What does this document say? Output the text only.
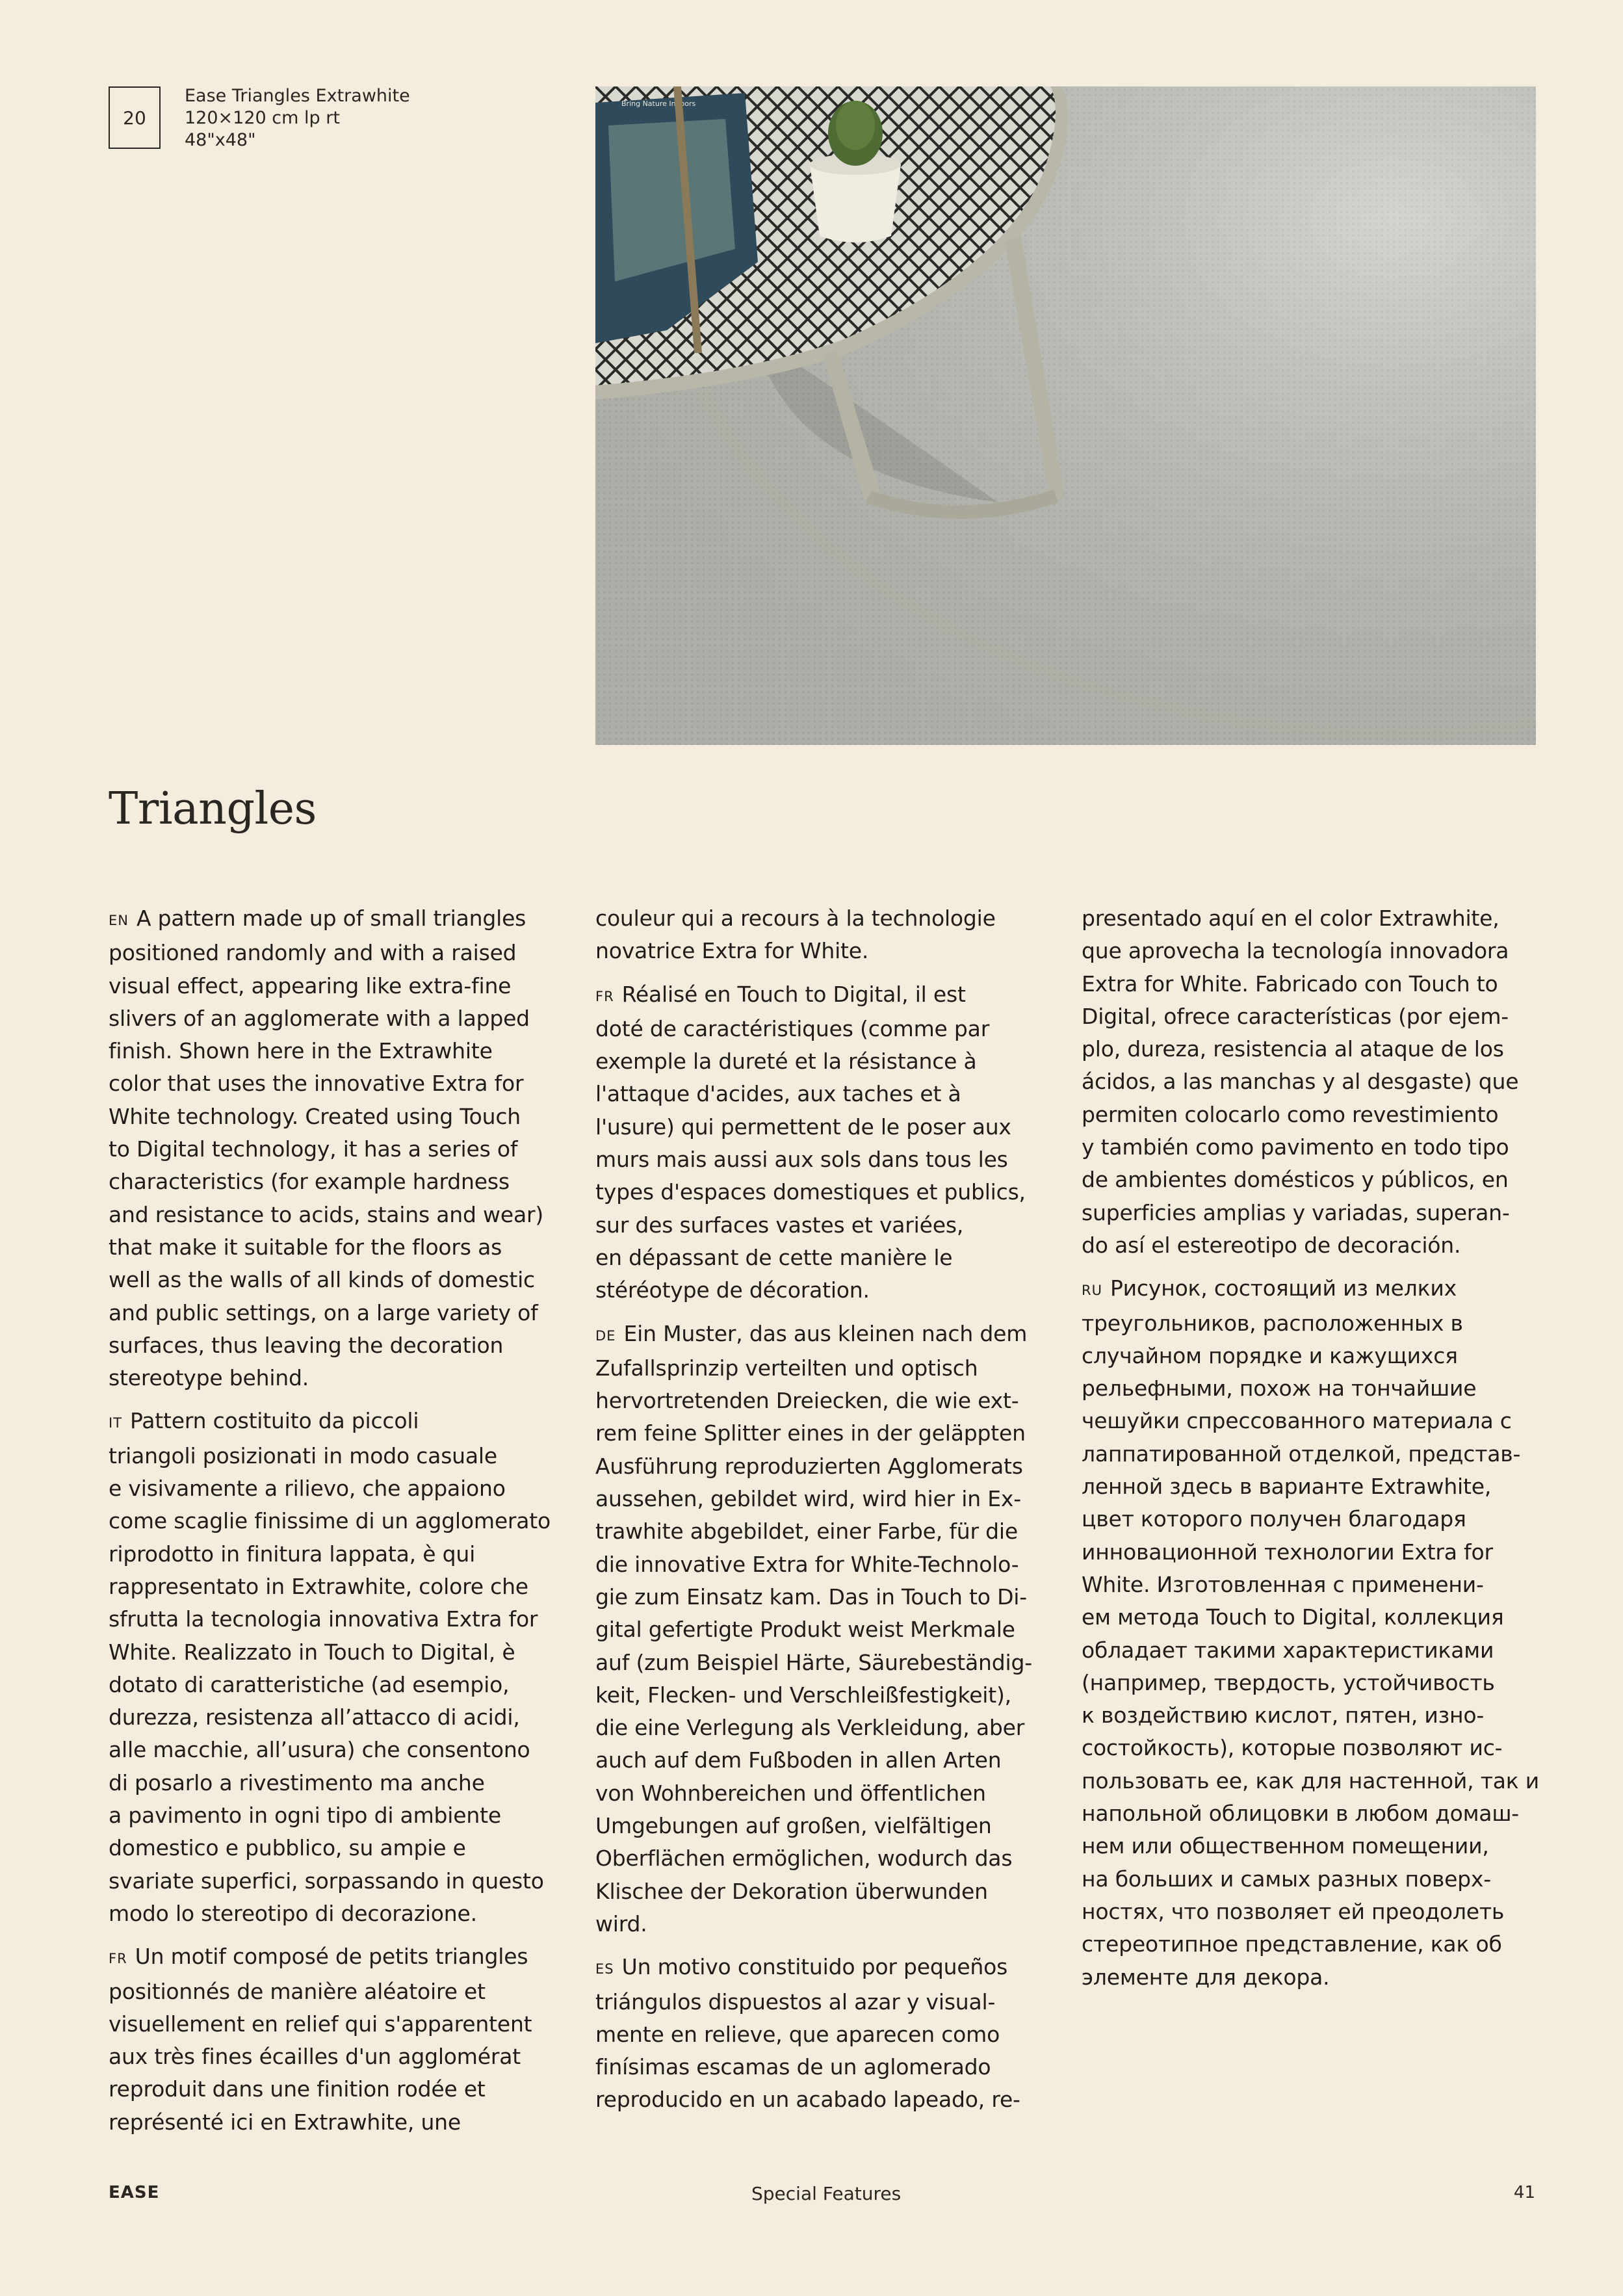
20
Ease Triangles Extrawhite
120×120 cm lp rt
48"x48"
Bring Nature Indoors
Triangles
EN A pattern made up of small triangles
positioned randomly and with a raised
visual effect, appearing like extra-fine
slivers of an agglomerate with a lapped
finish. Shown here in the Extrawhite
color that uses the innovative Extra for
White technology. Created using Touch
to Digital technology, it has a series of
characteristics (for example hardness
and resistance to acids, stains and wear)
that make it suitable for the floors as
well as the walls of all kinds of domestic
and public settings, on a large variety of
surfaces, thus leaving the decoration
stereotype behind.
IT Pattern costituito da piccoli
triangoli posizionati in modo casuale
e visivamente a rilievo, che appaiono
come scaglie finissime di un agglomerato
riprodotto in finitura lappata, è qui
rappresentato in Extrawhite, colore che
sfrutta la tecnologia innovativa Extra for
White. Realizzato in Touch to Digital, è
dotato di caratteristiche (ad esempio,
durezza, resistenza all’attacco di acidi,
alle macchie, all’usura) che consentono
di posarlo a rivestimento ma anche
a pavimento in ogni tipo di ambiente
domestico e pubblico, su ampie e
svariate superfici, sorpassando in questo
modo lo stereotipo di decorazione.
FR Un motif composé de petits triangles
positionnés de manière aléatoire et
visuellement en relief qui s'apparentent
aux très fines écailles d'un agglomérat
reproduit dans une finition rodée et
représenté ici en Extrawhite, une
couleur qui a recours à la technologie
novatrice Extra for White.
FR Réalisé en Touch to Digital, il est
doté de caractéristiques (comme par
exemple la dureté et la résistance à
l'attaque d'acides, aux taches et à
l'usure) qui permettent de le poser aux
murs mais aussi aux sols dans tous les
types d'espaces domestiques et publics,
sur des surfaces vastes et variées,
en dépassant de cette manière le
stéréotype de décoration.
DE Ein Muster, das aus kleinen nach dem
Zufallsprinzip verteilten und optisch
hervortretenden Dreiecken, die wie ext-
rem feine Splitter eines in der geläppten
Ausführung reproduzierten Agglomerats
aussehen, gebildet wird, wird hier in Ex-
trawhite abgebildet, einer Farbe, für die
die innovative Extra for White-Technolo-
gie zum Einsatz kam. Das in Touch to Di-
gital gefertigte Produkt weist Merkmale
auf (zum Beispiel Härte, Säurebeständig-
keit, Flecken- und Verschleißfestigkeit),
die eine Verlegung als Verkleidung, aber
auch auf dem Fußboden in allen Arten
von Wohnbereichen und öffentlichen
Umgebungen auf großen, vielfältigen
Oberflächen ermöglichen, wodurch das
Klischee der Dekoration überwunden
wird.
ES Un motivo constituido por pequeños
triángulos dispuestos al azar y visual-
mente en relieve, que aparecen como
finísimas escamas de un aglomerado
reproducido en un acabado lapeado, re-
presentado aquí en el color Extrawhite,
que aprovecha la tecnología innovadora
Extra for White. Fabricado con Touch to
Digital, ofrece características (por ejem-
plo, dureza, resistencia al ataque de los
ácidos, a las manchas y al desgaste) que
permiten colocarlo como revestimiento
y también como pavimento en todo tipo
de ambientes domésticos y públicos, en
superficies amplias y variadas, superan-
do así el estereotipo de decoración.
RU Рисунок, состоящий из мелких
треугольников, расположенных в
случайном порядке и кажущихся
рельефными, похож на тончайшие
чешуйки спрессованного материала с
лаппатированной отделкой, представ-
ленной здесь в варианте Extrawhite,
цвет которого получен благодаря
инновационной технологии Extra for
White. Изготовленная с применени-
ем метода Touch to Digital, коллекция
обладает такими характеристиками
(например, твердость, устойчивость
к воздействию кислот, пятен, изно-
состойкость), которые позволяют ис-
пользовать ее, как для настенной, так и
напольной облицовки в любом домаш-
нем или общественном помещении,
на больших и самых разных поверх-
ностях, что позволяет ей преодолеть
стереотипное представление, как об
элементе для декора.
EASE	Special Features	41
